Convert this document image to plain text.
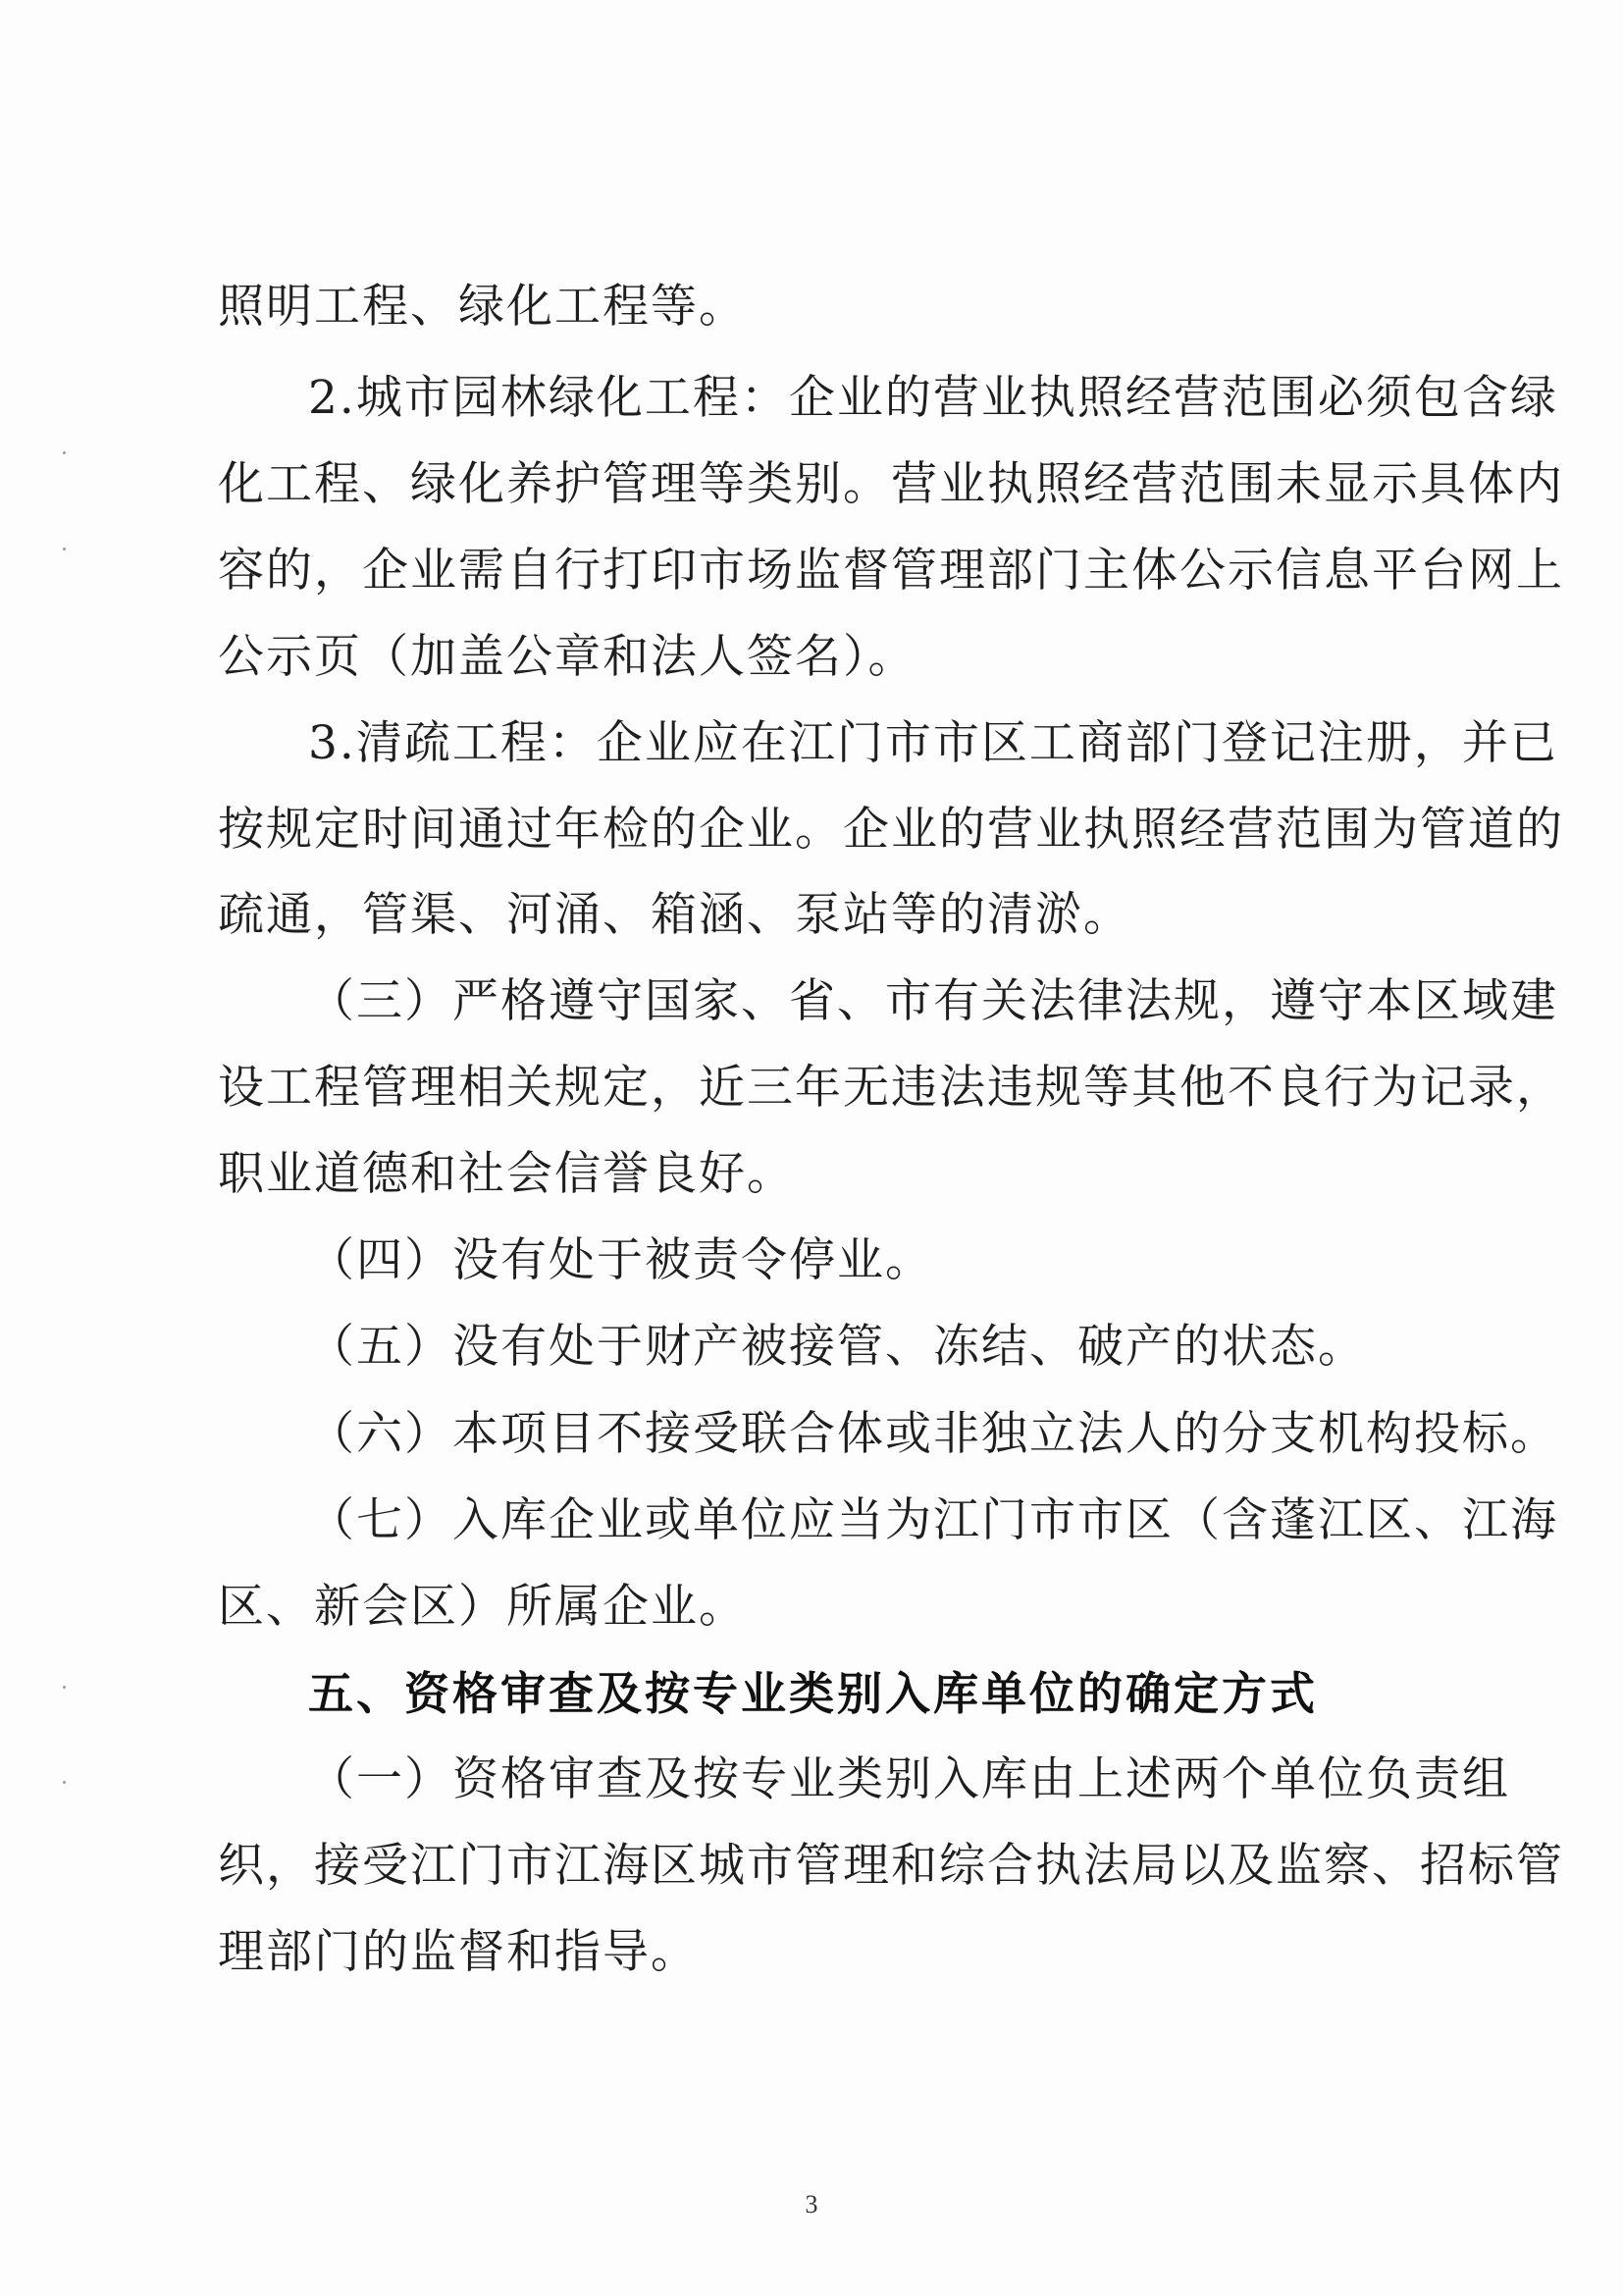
照明工程、绿化工程等。
2.城市园林绿化工程：企业的营业执照经营范围必须包含绿
化工程、绿化养护管理等类别。营业执照经营范围未显示具体内
容的，企业需自行打印市场监督管理部门主体公示信息平台网上
公示页（加盖公章和法人签名）。
3.清疏工程：企业应在江门市市区工商部门登记注册，并已
按规定时间通过年检的企业。企业的营业执照经营范围为管道的
疏通，管渠、河涌、箱涵、泵站等的清淤。
（三）严格遵守国家、省、市有关法律法规，遵守本区域建
设工程管理相关规定，近三年无违法违规等其他不良行为记录，
职业道德和社会信誉良好。
（四）没有处于被责令停业。
（五）没有处于财产被接管、冻结、破产的状态。
（六）本项目不接受联合体或非独立法人的分支机构投标。
（七）入库企业或单位应当为江门市市区（含蓬江区、江海
区、新会区）所属企业。
五、资格审查及按专业类别入库单位的确定方式
（一）资格审查及按专业类别入库由上述两个单位负责组
织，接受江门市江海区城市管理和综合执法局以及监察、招标管
理部门的监督和指导。
3
